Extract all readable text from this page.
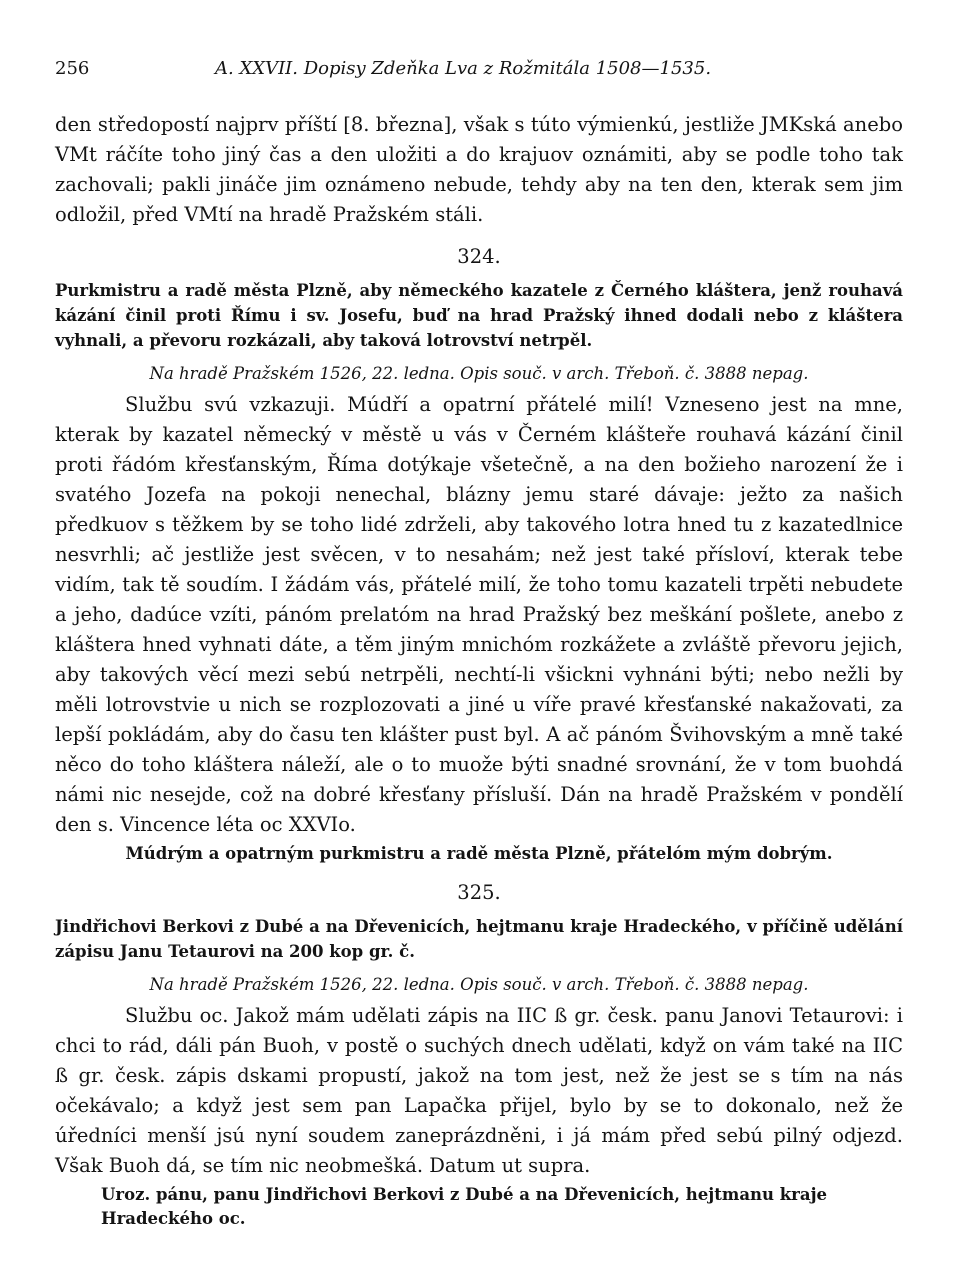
256	A. XXVII. Dopisy Zdeňka Lva z Rožmitála 1508—1535.

den středopostí najprv příští [8. března], však s túto výmienkú, jestliže JMKská anebo VMt ráčíte toho jiný čas a den uložiti a do krajuov oznámiti, aby se podle toho tak zachovali; pakli jináče jim oznámeno nebude, tehdy aby na ten den, kterak sem jim odložil, před VMtí na hradě Pražském stáli.

324.

Purkmistru a radě města Plzně, aby německého kazatele z Černého kláštera, jenž rouhavá kázání činil proti Římu i sv. Josefu, buď na hrad Pražský ihned dodali nebo z kláštera vyhnali, a převoru rozkázali, aby taková lotrovství netrpěl.

Na hradě Pražském 1526, 22. ledna. Opis souč. v arch. Třeboň. č. 3888 nepag.

Službu svú vzkazuji. Múdří a opatrní přátelé milí! Vzneseno jest na mne, kterak by kazatel německý v městě u vás v Černém klášteře rouhavá kázání činil proti řádóm křesťanským, Říma dotýkaje všetečně, a na den božieho narození že i svatého Jozefa na pokoji nenechal, blázny jemu staré dávaje: ježto za našich předkuov s těžkem by se toho lidé zdrželi, aby takového lotra hned tu z kazatedlnice nesvrhli; ač jestliže jest svěcen, v to nesahám; než jest také přísloví, kterak tebe vidím, tak tě soudím. I žádám vás, přátelé milí, že toho tomu kazateli trpěti nebudete a jeho, dadúce vzíti, pánóm prelatóm na hrad Pražský bez meškání pošlete, anebo z kláštera hned vyhnati dáte, a těm jiným mnichóm rozkážete a zvláště převoru jejich, aby takových věcí mezi sebú netrpěli, nechtí-li všickni vyhnáni býti; nebo nežli by měli lotrovstvie u nich se rozplozovati a jiné u víře pravé křesťanské nakažovati, za lepší pokládám, aby do času ten klášter pust byl. A ač pánóm Švihovským a mně také něco do toho kláštera náleží, ale o to muože býti snadné srovnání, že v tom buohdá námi nic nesejde, což na dobré křesťany přísluší. Dán na hradě Pražském v pondělí den s. Vincence léta oc XXVIo.

Múdrým a opatrným purkmistru a radě města Plzně, přátelóm mým dobrým.

325.

Jindřichovi Berkovi z Dubé a na Dřevenicích, hejtmanu kraje Hradeckého, v příčině udělání zápisu Janu Tetaurovi na 200 kop gr. č.

Na hradě Pražském 1526, 22. ledna. Opis souč. v arch. Třeboň. č. 3888 nepag.

Službu oc. Jakož mám udělati zápis na IIC ß gr. česk. panu Janovi Tetaurovi: i chci to rád, dáli pán Buoh, v postě o suchých dnech udělati, když on vám také na IIC ß gr. česk. zápis dskami propustí, jakož na tom jest, než že jest se s tím na nás očekávalo; a když jest sem pan Lapačka přijel, bylo by se to dokonalo, než že úředníci menší jsú nyní soudem zaneprázdněni, i já mám před sebú pilný odjezd. Však Buoh dá, se tím nic neobmešká. Datum ut supra.

Uroz. pánu, panu Jindřichovi Berkovi z Dubé a na Dřevenicích, hejtmanu kraje Hradeckého oc.
